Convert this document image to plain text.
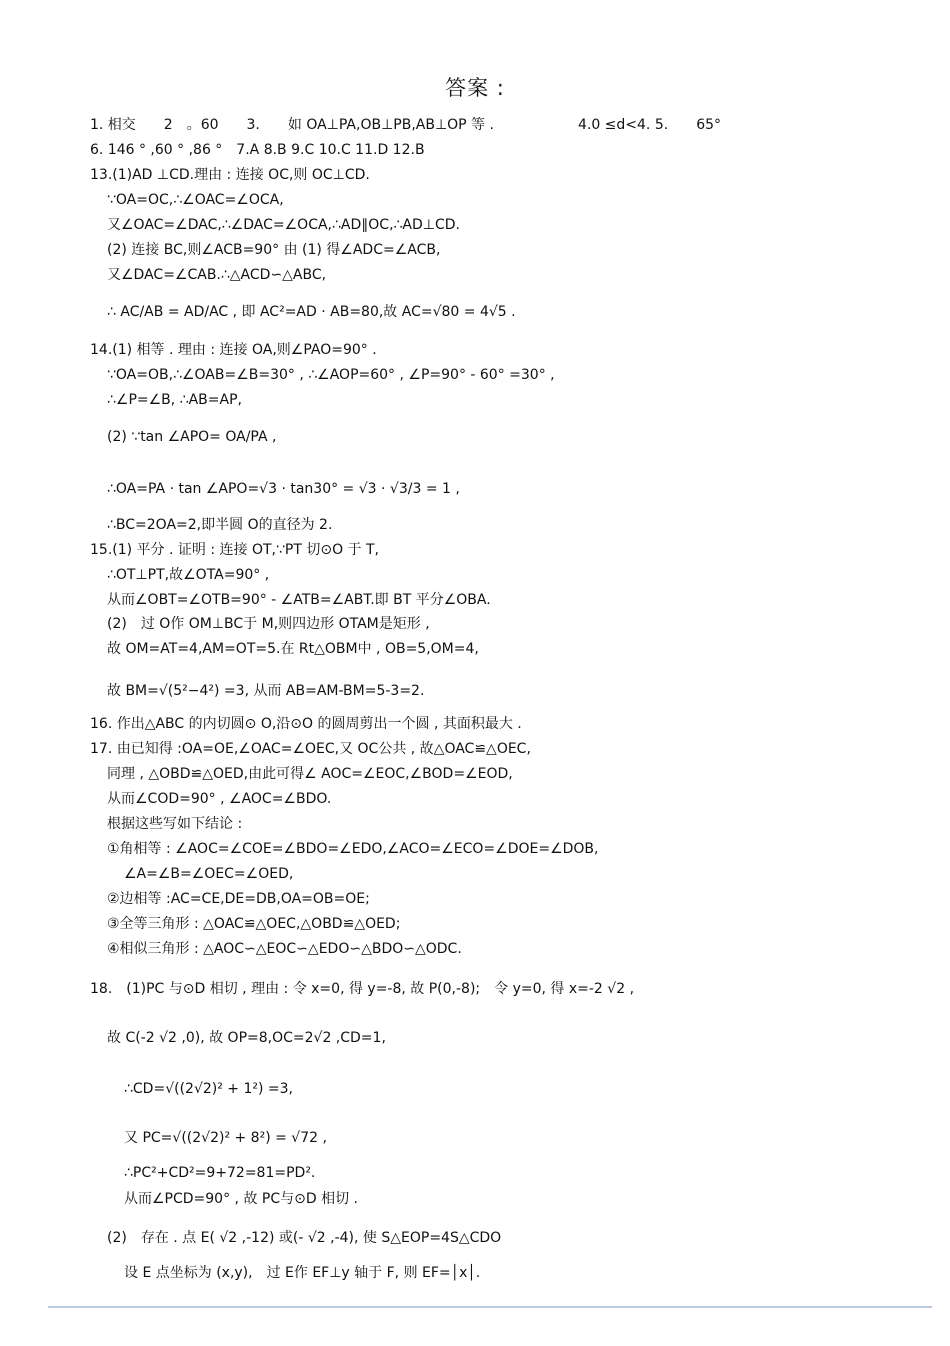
答案 :
1. 相交　　2　。60　　3.　　如 OA⊥PA,OB⊥PB,AB⊥OP 等 .　　　　　　4.0 ≤d<4. 5.　　65°
6. 146 ° ,60 ° ,86 °　7.A 8.B 9.C 10.C 11.D 12.B
13.(1)AD ⊥CD.理由 : 连接 OC,则 OC⊥CD.
∵OA=OC,∴∠OAC=∠OCA,
又∠OAC=∠DAC,∴∠DAC=∠OCA,∴AD∥OC,∴AD⊥CD.
(2) 连接 BC,则∠ACB=90° 由 (1) 得∠ADC=∠ACB,
又∠DAC=∠CAB.∴△ACD∽△ABC,
∴ AC/AB = AD/AC , 即 AC²=AD · AB=80,故 AC=√80 = 4√5 .
14.(1) 相等 . 理由 : 连接 OA,则∠PAO=90° .
∵OA=OB,∴∠OAB=∠B=30° , ∴∠AOP=60° , ∠P=90° - 60° =30° ,
∴∠P=∠B, ∴AB=AP,
(2) ∵tan ∠APO= OA/PA ,
∴OA=PA · tan ∠APO=√3 · tan30° = √3 · √3/3 = 1 ,
∴BC=2OA=2,即半圆 O的直径为 2.
15.(1) 平分 . 证明 : 连接 OT,∵PT 切⊙O 于 T,
∴OT⊥PT,故∠OTA=90° ,
从而∠OBT=∠OTB=90° - ∠ATB=∠ABT.即 BT 平分∠OBA.
(2)　过 O作 OM⊥BC于 M,则四边形 OTAM是矩形 ,
故 OM=AT=4,AM=OT=5.在 Rt△OBM中 , OB=5,OM=4,
故 BM=√(5²−4²) =3, 从而 AB=AM-BM=5-3=2.
16. 作出△ABC 的内切圆⊙ O,沿⊙O 的圆周剪出一个圆 , 其面积最大 .
17. 由已知得 :OA=OE,∠OAC=∠OEC,又 OC公共 , 故△OAC≌△OEC,
同理 , △OBD≌△OED,由此可得∠ AOC=∠EOC,∠BOD=∠EOD,
从而∠COD=90° , ∠AOC=∠BDO.
根据这些写如下结论 :
①角相等 : ∠AOC=∠COE=∠BDO=∠EDO,∠ACO=∠ECO=∠DOE=∠DOB,
∠A=∠B=∠OEC=∠OED,
②边相等 :AC=CE,DE=DB,OA=OB=OE;
③全等三角形 : △OAC≌△OEC,△OBD≌△OED;
④相似三角形 : △AOC∽△EOC∽△EDO∽△BDO∽△ODC.
18.　(1)PC 与⊙D 相切 , 理由 : 令 x=0, 得 y=-8, 故 P(0,-8);　令 y=0, 得 x=-2 √2 ,
故 C(-2 √2 ,0), 故 OP=8,OC=2√2 ,CD=1,
∴CD=√((2√2)² + 1²) =3,
又 PC=√((2√2)² + 8²) = √72 ,
∴PC²+CD²=9+72=81=PD².
从而∠PCD=90° , 故 PC与⊙D 相切 .
(2)　存在 . 点 E( √2 ,-12) 或(- √2 ,-4), 使 S△EOP=4S△CDO
设 E 点坐标为 (x,y),　过 E作 EF⊥y 轴于 F, 则 EF=│x│.
